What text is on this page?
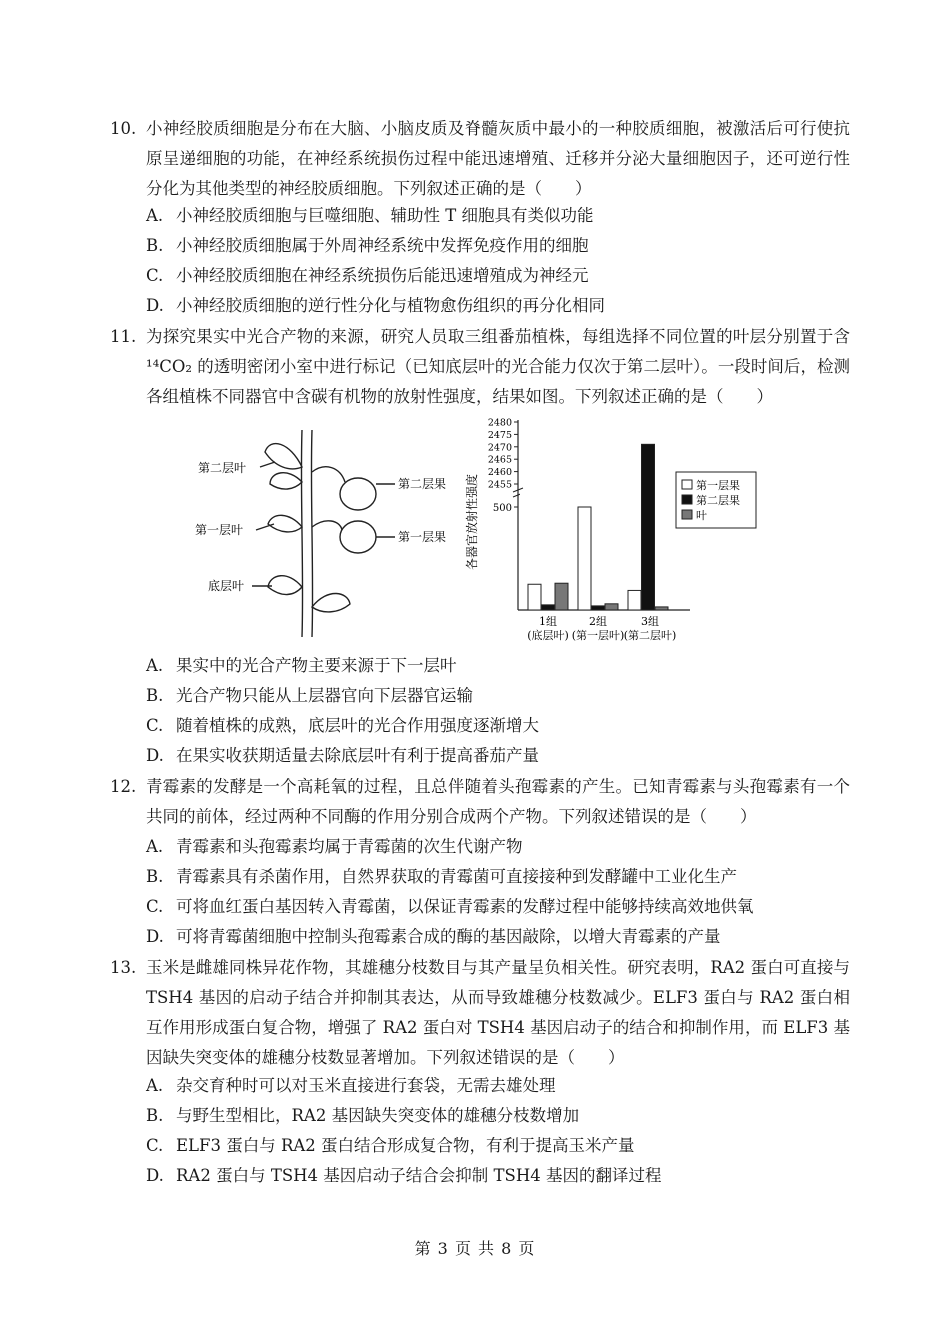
10. 小神经胶质细胞是分布在大脑、小脑皮质及脊髓灰质中最小的一种胶质细胞，被激活后可行使抗原呈递细胞的功能，在神经系统损伤过程中能迅速增殖、迁移并分泌大量细胞因子，还可逆行性分化为其他类型的神经胶质细胞。下列叙述正确的是（　　）
A. 小神经胶质细胞与巨噬细胞、辅助性 T 细胞具有类似功能
B. 小神经胶质细胞属于外周神经系统中发挥免疫作用的细胞
C. 小神经胶质细胞在神经系统损伤后能迅速增殖成为神经元
D. 小神经胶质细胞的逆行性分化与植物愈伤组织的再分化相同
11. 为探究果实中光合产物的来源，研究人员取三组番茄植株，每组选择不同位置的叶层分别置于含 ¹⁴CO₂ 的透明密闭小室中进行标记（已知底层叶的光合能力仅次于第二层叶）。一段时间后，检测各组植株不同器官中含碳有机物的放射性强度，结果如图。下列叙述正确的是（　　）
第二层叶
第一层叶
底层叶
第二层果
第一层果 各器官放射性强度 500
2455
2460
2465
2470
2475
2480
1组
(底层叶)
2组
(第一层叶)
3组
(第二层叶)
第一层果
第二层果
叶
A. 果实中的光合产物主要来源于下一层叶
B. 光合产物只能从上层器官向下层器官运输
C. 随着植株的成熟，底层叶的光合作用强度逐渐增大
D. 在果实收获期适量去除底层叶有利于提高番茄产量
12. 青霉素的发酵是一个高耗氧的过程，且总伴随着头孢霉素的产生。已知青霉素与头孢霉素有一个共同的前体，经过两种不同酶的作用分别合成两个产物。下列叙述错误的是（　　）
A. 青霉素和头孢霉素均属于青霉菌的次生代谢产物
B. 青霉素具有杀菌作用，自然界获取的青霉菌可直接接种到发酵罐中工业化生产
C. 可将血红蛋白基因转入青霉菌，以保证青霉素的发酵过程中能够持续高效地供氧
D. 可将青霉菌细胞中控制头孢霉素合成的酶的基因敲除，以增大青霉素的产量
13. 玉米是雌雄同株异花作物，其雄穗分枝数目与其产量呈负相关性。研究表明，RA2 蛋白可直接与 TSH4 基因的启动子结合并抑制其表达，从而导致雄穗分枝数减少。ELF3 蛋白与 RA2 蛋白相互作用形成蛋白复合物，增强了 RA2 蛋白对 TSH4 基因启动子的结合和抑制作用，而 ELF3 基因缺失突变体的雄穗分枝数显著增加。下列叙述错误的是（　　）
A. 杂交育种时可以对玉米直接进行套袋，无需去雄处理
B. 与野生型相比，RA2 基因缺失突变体的雄穗分枝数增加
C. ELF3 蛋白与 RA2 蛋白结合形成复合物，有利于提高玉米产量
D. RA2 蛋白与 TSH4 基因启动子结合会抑制 TSH4 基因的翻译过程
第 3 页 共 8 页
